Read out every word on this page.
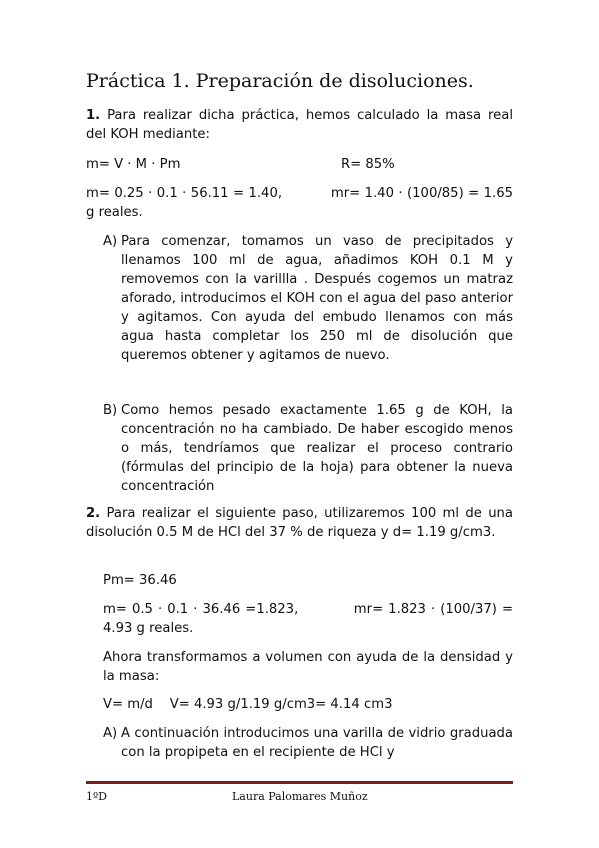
Práctica 1. Preparación de disoluciones.
1. Para realizar dicha práctica, hemos calculado la masa real del KOH mediante:
m= V · M · Pm	R= 85%
m= 0.25 · 0.1 · 56.11 = 1.40,           mr= 1.40 · (100/85) = 1.65 g reales.
A) Para comenzar, tomamos un vaso de precipitados y llenamos 100 ml de agua, añadimos KOH 0.1 M y removemos con la varillla . Después cogemos un matraz aforado, introducimos el KOH con el agua del paso anterior y agitamos. Con ayuda del embudo llenamos con más agua hasta completar los 250 ml de disolución que queremos obtener y agitamos de nuevo.
B) Como hemos pesado exactamente 1.65 g de KOH, la concentración no ha cambiado. De haber escogido menos o más, tendríamos que realizar el proceso contrario (fórmulas del principio de la hoja) para obtener la nueva concentración
2. Para realizar el siguiente paso, utilizaremos 100 ml de una disolución 0.5 M de HCl del 37 % de riqueza y d= 1.19 g/cm3.
Pm= 36.46
m= 0.5 · 0.1 · 36.46 =1.823,           mr= 1.823 · (100/37) = 4.93 g reales.
Ahora transformamos a volumen con ayuda de la densidad y la masa:
V= m/d    V= 4.93 g/1.19 g/cm3= 4.14 cm3
A) A continuación introducimos una varilla de vidrio graduada con la propipeta en el recipiente de HCl y
1ºD	Laura Palomares Muñoz
